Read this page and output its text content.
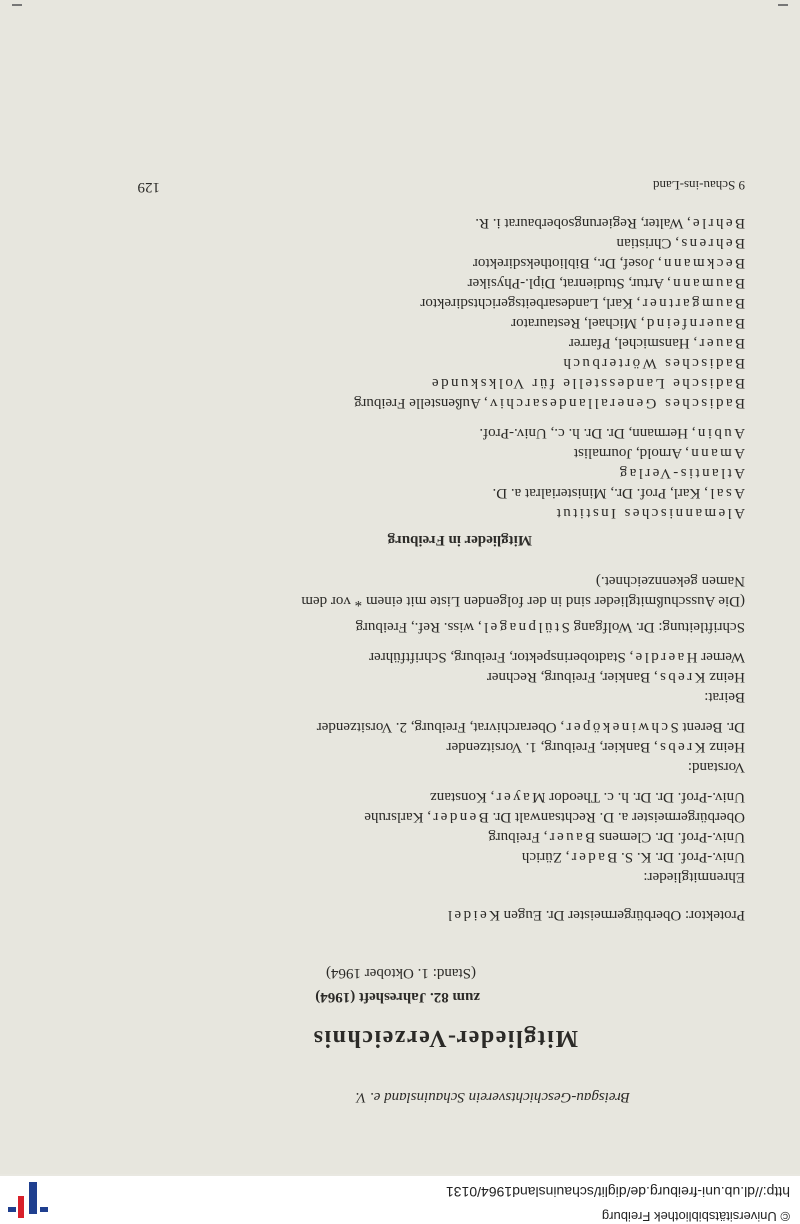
© Universitätsbibliothek Freiburg
http://dl.ub.uni-freiburg.de/diglit/schauinsland1964/0131
Breisgau-Geschichtsverein Schauinsland e. V.
Mitglieder-Verzeichnis
zum 82. Jahresheft (1964)
(Stand: 1. Oktober 1964)
Protektor: Oberbürgermeister Dr. Eugen Keidel
Ehrenmitglieder:
Univ.-Prof. Dr. K. S. Bader, Zürich
Univ.-Prof. Dr. Clemens Bauer, Freiburg
Oberbürgermeister a. D. Rechtsanwalt Dr. Bender, Karlsruhe
Univ.-Prof. Dr. Dr. h. c. Theodor Mayer, Konstanz
Vorstand:
Heinz Krebs, Bankier, Freiburg, 1. Vorsitzender
Dr. Berent Schwineköper, Oberarchivrat, Freiburg, 2. Vorsitzender
Beirat:
Heinz Krebs, Bankier, Freiburg, Rechner
Werner Haerdle, Stadtoberinspektor, Freiburg, Schriftführer
Schriftleitung: Dr. Wolfgang Stülpnagel, wiss. Ref., Freiburg
(Die Ausschußmitglieder sind in der folgenden Liste mit einem * vor dem
Namen gekennzeichnet.)
Mitglieder in Freiburg
Alemannisches Institut
Asal, Karl, Prof. Dr., Ministerialrat a. D.
Atlantis-Verlag
Amann, Arnold, Journalist
Aubin, Hermann, Dr. Dr. h. c., Univ.-Prof.
Badisches Generallandesarchiv, Außenstelle Freiburg
Badische Landesstelle für Volkskunde
Badisches Wörterbuch
Bauer, Hansmichel, Pfarrer
Bauernfeind, Michael, Restaurator
Baumgartner, Karl, Landesarbeitsgerichtsdirektor
Baumann, Artur, Studienrat, Dipl.-Physiker
Beckmann, Josef, Dr., Bibliotheksdirektor
Behrens, Christian
Behrle, Walter, Regierungsoberbaurat i. R.
9 Schau-ins-Land
129
